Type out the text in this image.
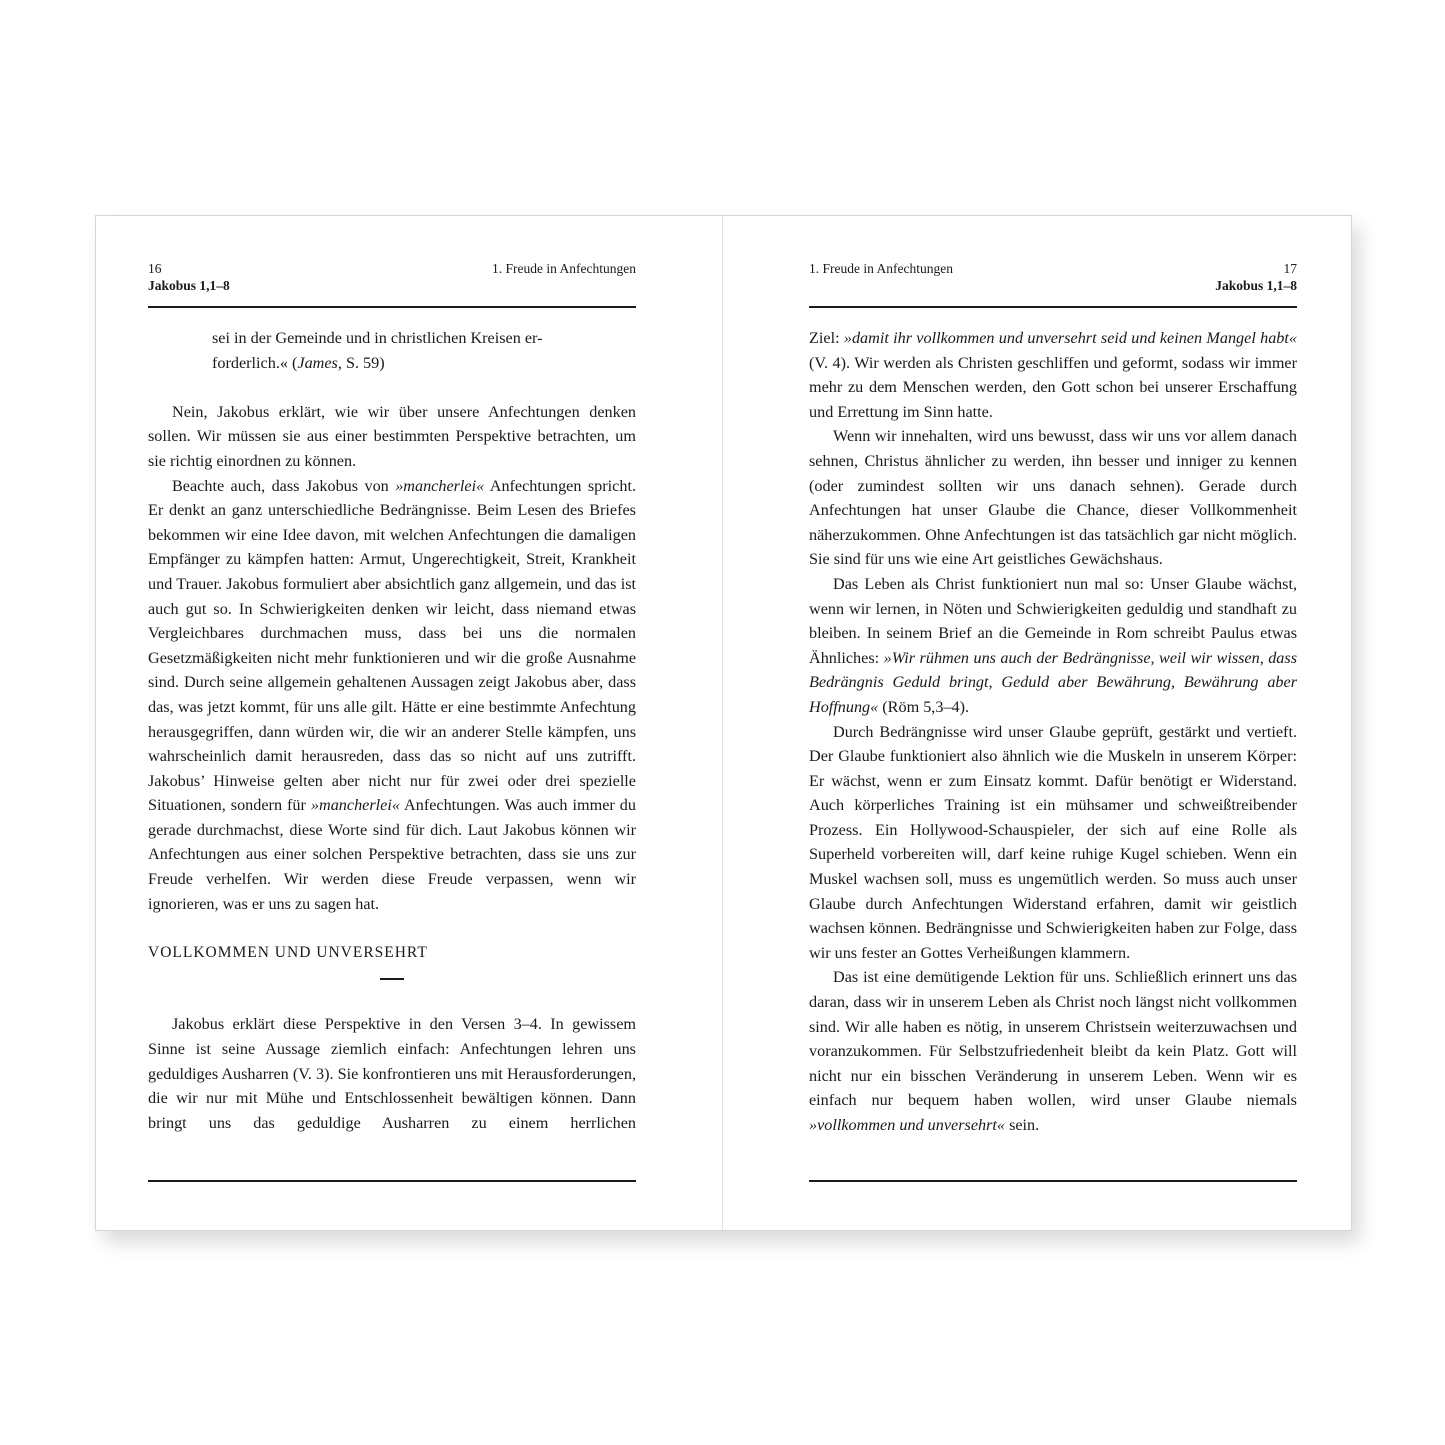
16	1. Freude in Anfechtungen
Jakobus 1,1–8
sei in der Gemeinde und in christlichen Kreisen er-
forderlich.« (James, S. 59)

Nein, Jakobus erklärt, wie wir über unsere Anfechtungen denken sollen. Wir müssen sie aus einer bestimmten Perspektive betrachten, um sie richtig einordnen zu können.

Beachte auch, dass Jakobus von »mancherlei« Anfechtungen spricht. Er denkt an ganz unterschiedliche Bedrängnisse. Beim Lesen des Briefes bekommen wir eine Idee davon, mit welchen Anfechtungen die damaligen Empfänger zu kämpfen hatten: Armut, Ungerechtigkeit, Streit, Krankheit und Trauer. Jakobus formuliert aber absichtlich ganz allgemein, und das ist auch gut so. In Schwierigkeiten denken wir leicht, dass niemand etwas Vergleichbares durchmachen muss, dass bei uns die normalen Gesetzmäßigkeiten nicht mehr funktionieren und wir die große Ausnahme sind. Durch seine allgemein gehaltenen Aussagen zeigt Jakobus aber, dass das, was jetzt kommt, für uns alle gilt. Hätte er eine bestimmte Anfechtung herausgegriffen, dann würden wir, die wir an anderer Stelle kämpfen, uns wahrscheinlich damit herausreden, dass das so nicht auf uns zutrifft. Jakobus’ Hinweise gelten aber nicht nur für zwei oder drei spezielle Situationen, sondern für »mancherlei« Anfechtungen. Was auch immer du gerade durchmachst, diese Worte sind für dich. Laut Jakobus können wir Anfechtungen aus einer solchen Perspektive betrachten, dass sie uns zur Freude verhelfen. Wir werden diese Freude verpassen, wenn wir ignorieren, was er uns zu sagen hat.

VOLLKOMMEN UND UNVERSEHRT

Jakobus erklärt diese Perspektive in den Versen 3–4. In gewissem Sinne ist seine Aussage ziemlich einfach: Anfechtungen lehren uns geduldiges Ausharren (V. 3). Sie konfrontieren uns mit Herausforderungen, die wir nur mit Mühe und Entschlossenheit bewältigen können. Dann bringt uns das geduldige Ausharren zu einem herrlichen

1. Freude in Anfechtungen	17
Jakobus 1,1–8

Ziel: »damit ihr vollkommen und unversehrt seid und keinen Mangel habt« (V. 4). Wir werden als Christen geschliffen und geformt, sodass wir immer mehr zu dem Menschen werden, den Gott schon bei unserer Erschaffung und Errettung im Sinn hatte.

Wenn wir innehalten, wird uns bewusst, dass wir uns vor allem danach sehnen, Christus ähnlicher zu werden, ihn besser und inniger zu kennen (oder zumindest sollten wir uns danach sehnen). Gerade durch Anfechtungen hat unser Glaube die Chance, dieser Vollkommenheit näherzukommen. Ohne Anfechtungen ist das tatsächlich gar nicht möglich. Sie sind für uns wie eine Art geistliches Gewächshaus.

Das Leben als Christ funktioniert nun mal so: Unser Glaube wächst, wenn wir lernen, in Nöten und Schwierigkeiten geduldig und standhaft zu bleiben. In seinem Brief an die Gemeinde in Rom schreibt Paulus etwas Ähnliches: »Wir rühmen uns auch der Bedrängnisse, weil wir wissen, dass Bedrängnis Geduld bringt, Geduld aber Bewährung, Bewährung aber Hoffnung« (Röm 5,3–4).

Durch Bedrängnisse wird unser Glaube geprüft, gestärkt und vertieft. Der Glaube funktioniert also ähnlich wie die Muskeln in unserem Körper: Er wächst, wenn er zum Einsatz kommt. Dafür benötigt er Widerstand. Auch körperliches Training ist ein mühsamer und schweißtreibender Prozess. Ein Hollywood-Schauspieler, der sich auf eine Rolle als Superheld vorbereiten will, darf keine ruhige Kugel schieben. Wenn ein Muskel wachsen soll, muss es ungemütlich werden. So muss auch unser Glaube durch Anfechtungen Widerstand erfahren, damit wir geistlich wachsen können. Bedrängnisse und Schwierigkeiten haben zur Folge, dass wir uns fester an Gottes Verheißungen klammern.

Das ist eine demütigende Lektion für uns. Schließlich erinnert uns das daran, dass wir in unserem Leben als Christ noch längst nicht vollkommen sind. Wir alle haben es nötig, in unserem Christsein weiterzuwachsen und voranzukommen. Für Selbstzufriedenheit bleibt da kein Platz. Gott will nicht nur ein bisschen Veränderung in unserem Leben. Wenn wir es einfach nur bequem haben wollen, wird unser Glaube niemals »vollkommen und unversehrt« sein.
